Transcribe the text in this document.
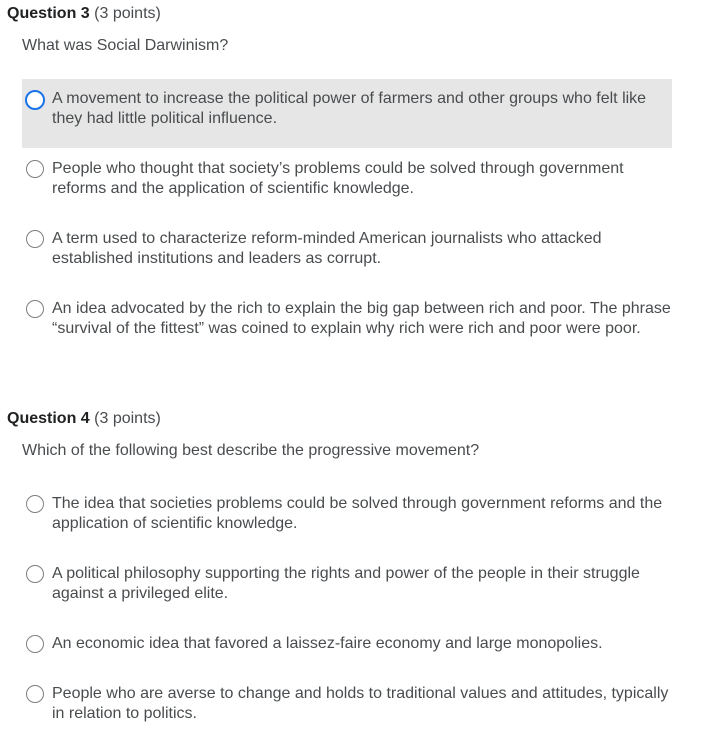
Question 3 (3 points)
What was Social Darwinism?
A movement to increase the political power of farmers and other groups who felt like they had little political influence.
People who thought that society’s problems could be solved through government reforms and the application of scientific knowledge.
A term used to characterize reform-minded American journalists who attacked established institutions and leaders as corrupt.
An idea advocated by the rich to explain the big gap between rich and poor. The phrase “survival of the fittest” was coined to explain why rich were rich and poor were poor.
Question 4 (3 points)
Which of the following best describe the progressive movement?
The idea that societies problems could be solved through government reforms and the application of scientific knowledge.
A political philosophy supporting the rights and power of the people in their struggle against a privileged elite.
An economic idea that favored a laissez-faire economy and large monopolies.
People who are averse to change and holds to traditional values and attitudes, typically in relation to politics.
